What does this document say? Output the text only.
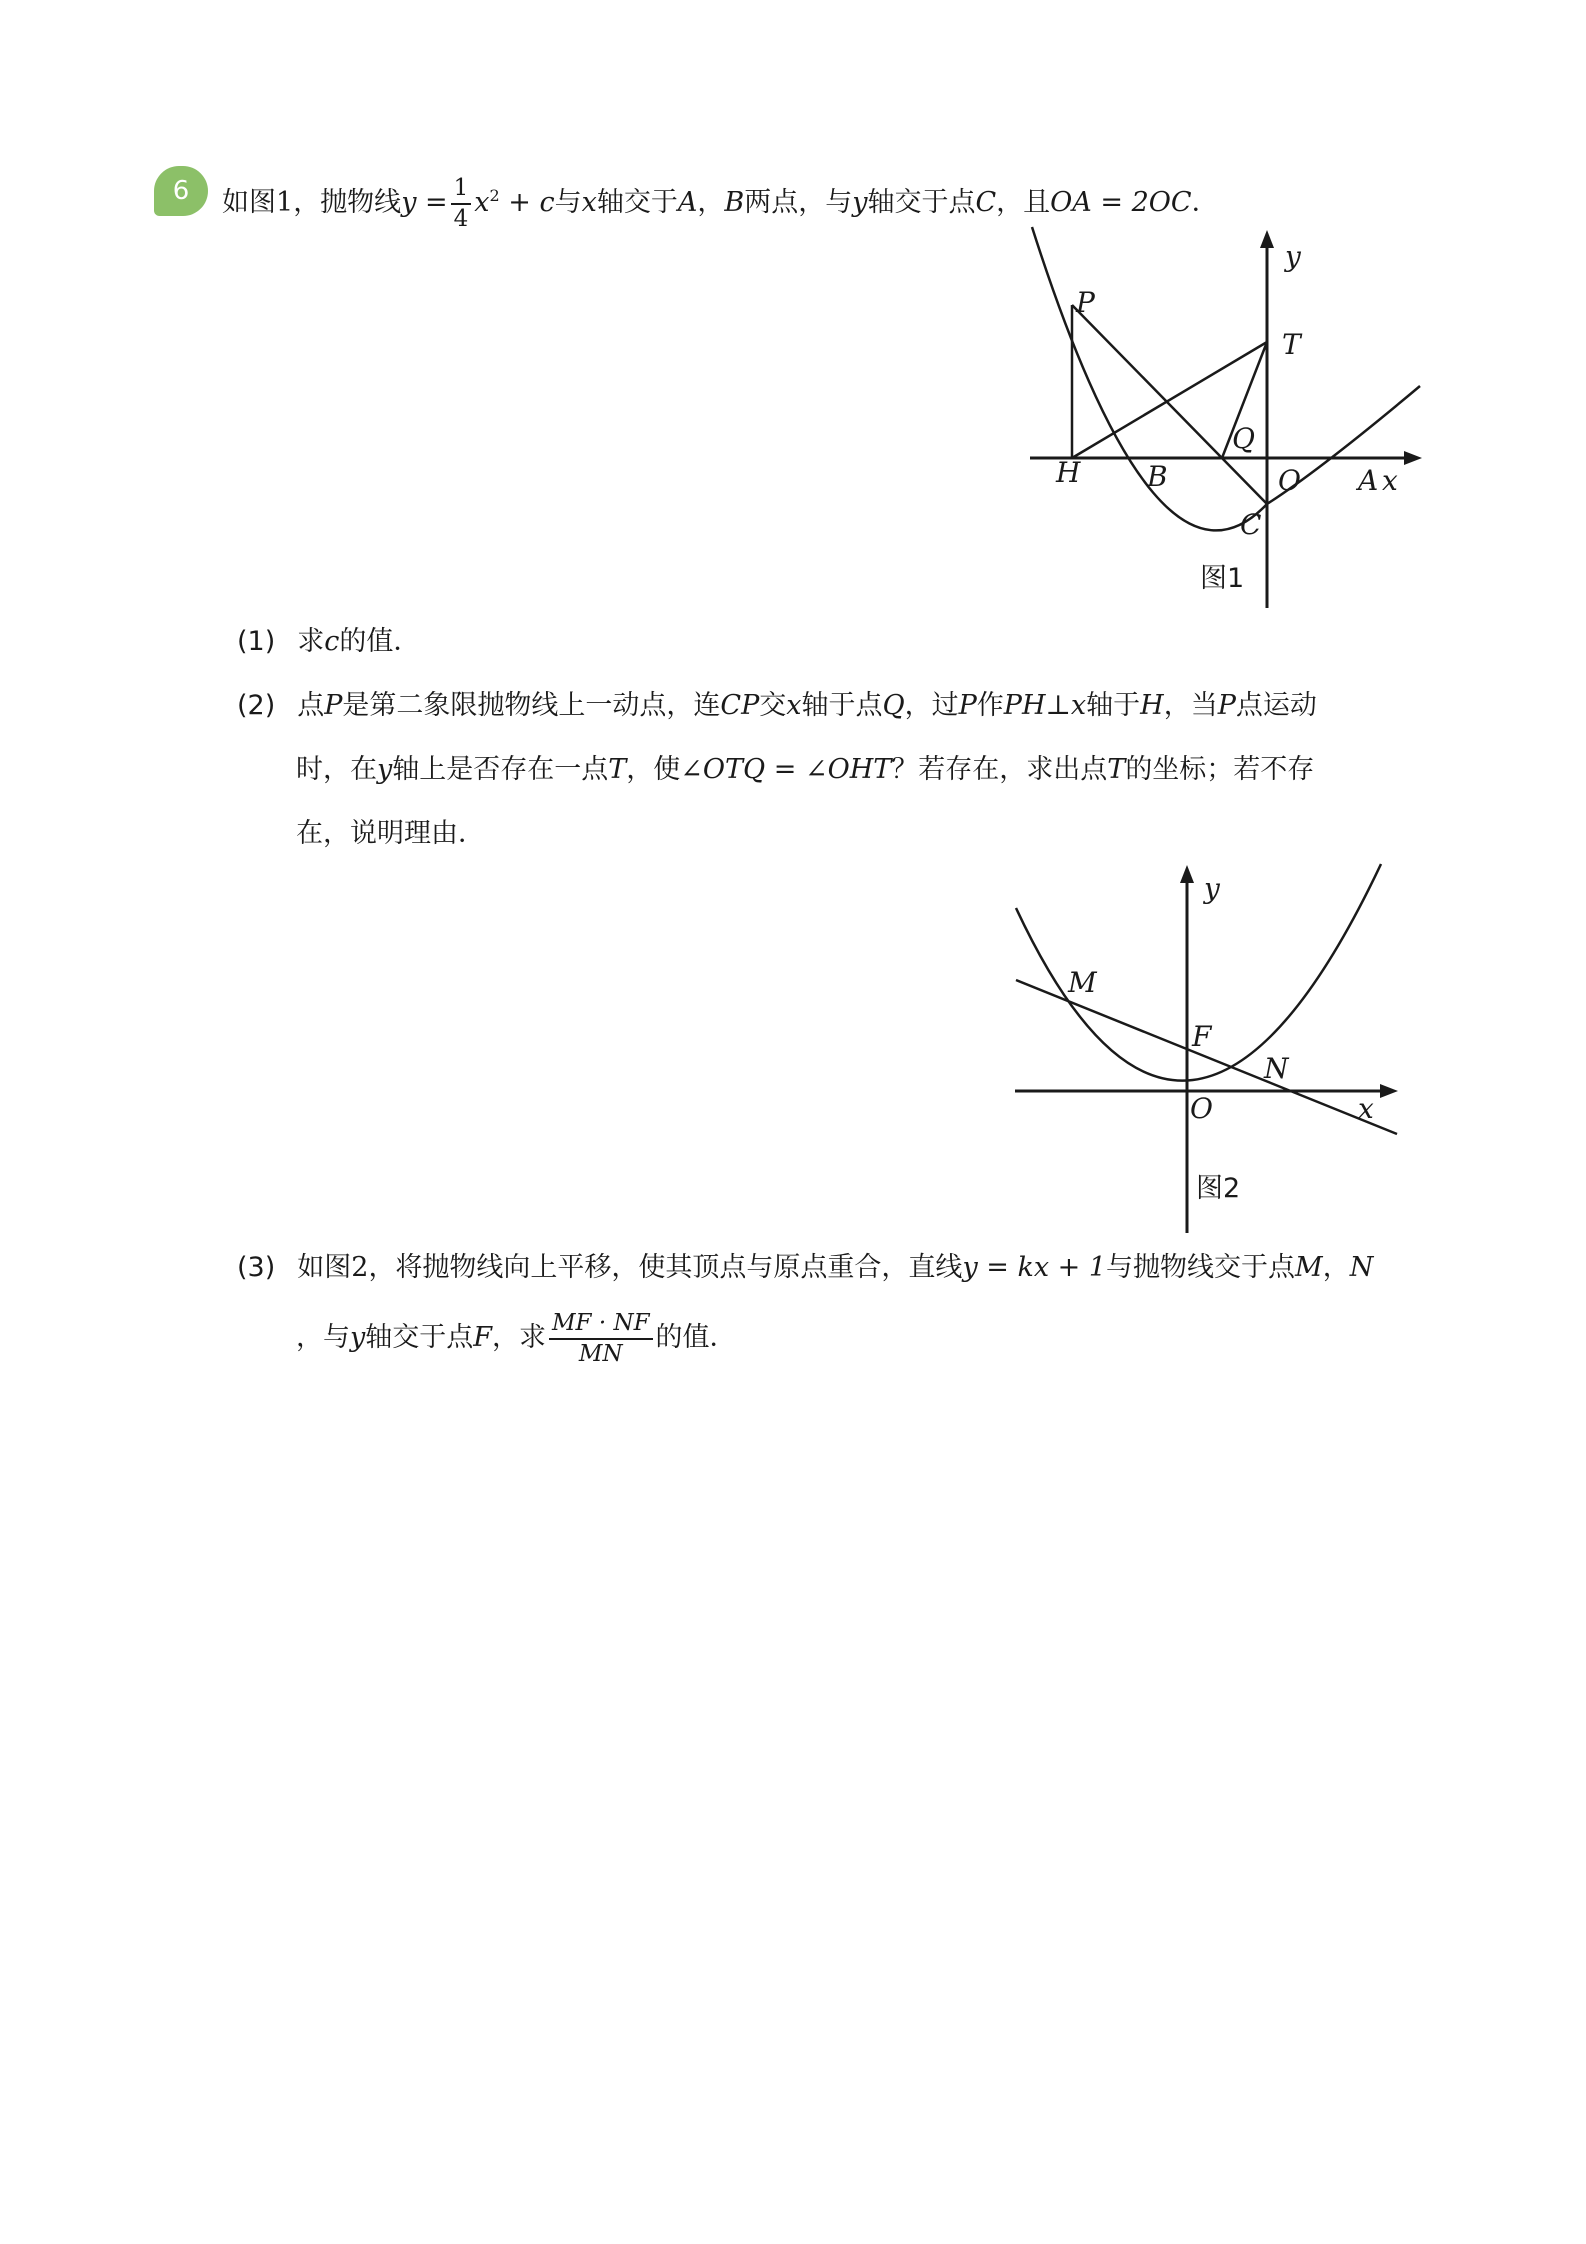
6	如图1，抛物线$y = \frac{1}{4} x^2 + c$与x轴交于A，B两点，与y轴交于点C，且OA = 2OC．
P
T
y
Q
H B	O A x
C
图1
(1) 求c的值．
(2) 点P是第二象限抛物线上一动点，连CP交x轴于点Q，过P作PH⊥x轴于H，当P点运动
时，在y轴上是否存在一点T，使∠OTQ = ∠OHT？若存在，求出点T的坐标；若不存
在，说明理由．
y
M
F
N
O	x
图2
(3) 如图2，将抛物线向上平移，使其顶点与原点重合，直线y = kx + 1与抛物线交于点M，N
，与y轴交于点F，求 $\frac{MF \cdot NF}{MN}$ 的值．
